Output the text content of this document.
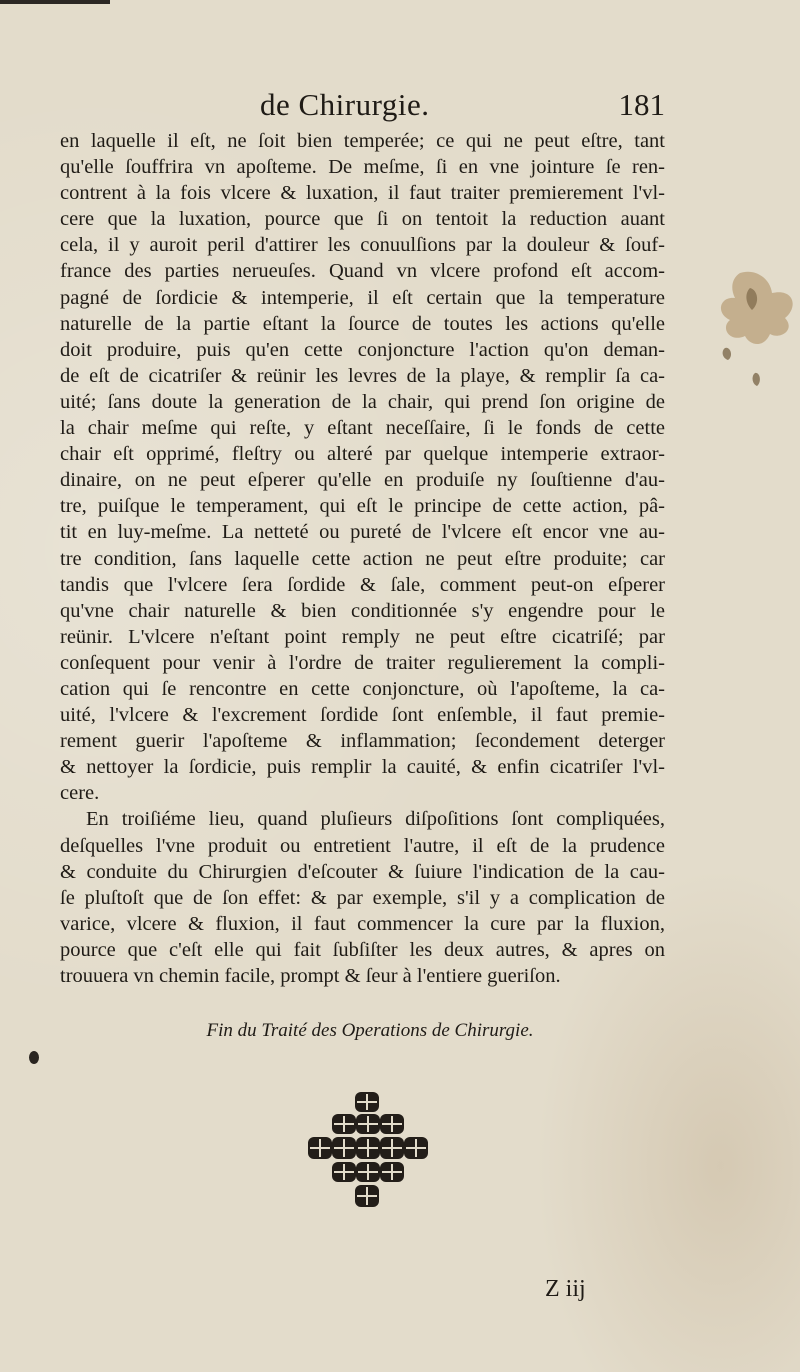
de Chirurgie.	181
en laquelle il eſt, ne ſoit bien temperée; ce qui ne peut eſtre, tant
qu'elle ſouffrira vn apoſteme. De meſme, ſi en vne jointure ſe ren-
contrent à la fois vlcere & luxation, il faut traiter premierement l'vl-
cere que la luxation, pource que ſi on tentoit la reduction auant
cela, il y auroit peril d'attirer les conuulſions par la douleur & ſouf-
france des parties nerueuſes. Quand vn vlcere profond eſt accom-
pagné de ſordicie & intemperie, il eſt certain que la temperature
naturelle de la partie eſtant la ſource de toutes les actions qu'elle
doit produire, puis qu'en cette conjoncture l'action qu'on deman-
de eſt de cicatriſer & reünir les levres de la playe, & remplir ſa ca-
uité; ſans doute la generation de la chair, qui prend ſon origine de
la chair meſme qui reſte, y eſtant neceſſaire, ſi le fonds de cette
chair eſt opprimé, fleſtry ou alteré par quelque intemperie extraor-
dinaire, on ne peut eſperer qu'elle en produiſe ny ſouſtienne d'au-
tre, puiſque le temperament, qui eſt le principe de cette action, pâ-
tit en luy-meſme. La netteté ou pureté de l'vlcere eſt encor vne au-
tre condition, ſans laquelle cette action ne peut eſtre produite; car
tandis que l'vlcere ſera ſordide & ſale, comment peut-on eſperer
qu'vne chair naturelle & bien conditionnée s'y engendre pour le
reünir. L'vlcere n'eſtant point remply ne peut eſtre cicatriſé; par
conſequent pour venir à l'ordre de traiter regulierement la compli-
cation qui ſe rencontre en cette conjoncture, où l'apoſteme, la ca-
uité, l'vlcere & l'excrement ſordide ſont enſemble, il faut premie-
rement guerir l'apoſteme & inflammation; ſecondement deterger
& nettoyer la ſordicie, puis remplir la cauité, & enfin cicatriſer l'vl-
cere.
En troiſiéme lieu, quand pluſieurs diſpoſitions ſont compliquées,
deſquelles l'vne produit ou entretient l'autre, il eſt de la prudence
& conduite du Chirurgien d'eſcouter & ſuiure l'indication de la cau-
ſe pluſtoſt que de ſon effet: & par exemple, s'il y a complication de
varice, vlcere & fluxion, il faut commencer la cure par la fluxion,
pource que c'eſt elle qui fait ſubſiſter les deux autres, & apres on
trouuera vn chemin facile, prompt & ſeur à l'entiere gueriſon.
Fin du Traité des Operations de Chirurgie.
Z iij
